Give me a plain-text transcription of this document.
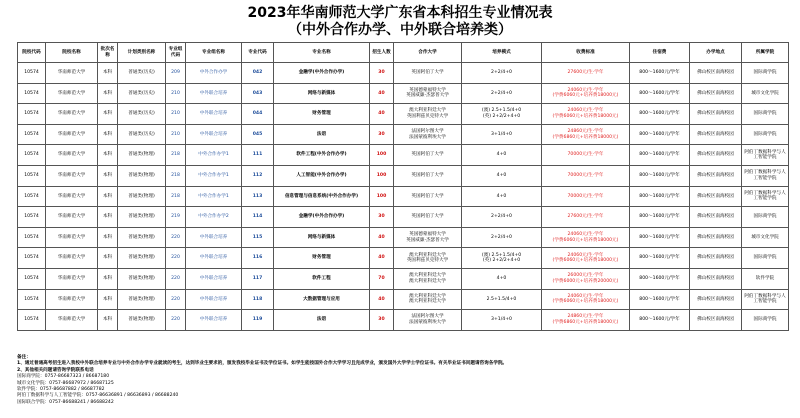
2023年华南师范大学广东省本科招生专业情况表
（中外合作办学、中外联合培养类）
院校代码	院校名称	批次名称	计划类别名称	专业组代码	专业组名称	专业代码	专业名称	招生人数	合作大学	培养模式	收费标准	住宿费	办学地点	所属学院
10574	华南师范大学	本科	普通类(历史)	209	中外合作办学	042	金融学(中外合作办学)	30	英国阿伯丁大学	2+2/4+0	27600元/生·学年	800～1600元/学年	佛山校区南海校园	国际商学院
10574	华南师范大学	本科	普通类(历史)	210	中外联合培养	043	网络与新媒体	40	英国德蒙福特大学
英国威廉·杰瑟普大学	2+2/4+0	24060元/生·学年
(学费6060元+培养费18000元)	800～1600元/学年	佛山校区南海校园	城市文化学院
10574	华南师范大学	本科	普通类(历史)	210	中外联合培养	044	财务管理	40	澳大利亚科廷大学
英国利兹贝克特大学	(澳) 2.5+1.5/4+0
(英) 2+2/2+4+0	24060元/生·学年
(学费6060元+培养费18000元)	800～1600元/学年	佛山校区南海校园	国际商学院
10574	华南师范大学	本科	普通类(历史)	210	中外联合培养	045	法语	30	法国阿尔图大学
法国蒙彼利埃大学	3+1/4+0	24860元/生·学年
(学费6860元+培养费18000元)	800～1600元/学年	佛山校区南海校园	国际商学院
10574	华南师范大学	本科	普通类(物理)	218	中外合作办学1	111	软件工程(中外合作办学)	100	英国阿伯丁大学	4+0	70000元/生·学年	800～1600元/学年	佛山校区南海校园	阿伯丁数据科学与人工智能学院
10574	华南师范大学	本科	普通类(物理)	218	中外合作办学1	112	人工智能(中外合作办学)	100	英国阿伯丁大学	4+0	70000元/生·学年	800～1600元/学年	佛山校区南海校园	阿伯丁数据科学与人工智能学院
10574	华南师范大学	本科	普通类(物理)	218	中外合作办学1	113	信息管理与信息系统(中外合作办学)	100	英国阿伯丁大学	4+0	70000元/生·学年	800～1600元/学年	佛山校区南海校园	阿伯丁数据科学与人工智能学院
10574	华南师范大学	本科	普通类(物理)	219	中外合作办学2	114	金融学(中外合作办学)	30	英国阿伯丁大学	2+2/4+0	27600元/生·学年	800～1600元/学年	佛山校区南海校园	国际商学院
10574	华南师范大学	本科	普通类(物理)	220	中外联合培养	115	网络与新媒体	40	英国德蒙福特大学
英国威廉·杰瑟普大学	2+2/4+0	24060元/生·学年
(学费6060元+培养费18000元)	800～1600元/学年	佛山校区南海校园	城市文化学院
10574	华南师范大学	本科	普通类(物理)	220	中外联合培养	116	财务管理	40	澳大利亚科廷大学
英国利兹贝克特大学	(澳) 2.5+1.5/4+0
(英) 2+2/2+4+0	24060元/生·学年
(学费6060元+培养费18000元)	800～1600元/学年	佛山校区南海校园	国际商学院
10574	华南师范大学	本科	普通类(物理)	220	中外联合培养	117	软件工程	70	澳大利亚科廷大学
澳大利亚科廷大学	4+0	26000元/生·学年
(学费6000元+培养费20000元)	800～1600元/学年	佛山校区南海校园	软件学院
10574	华南师范大学	本科	普通类(物理)	220	中外联合培养	118	大数据管理与应用	40	澳大利亚科廷大学
澳大利亚科廷大学	2.5+1.5/4+0	24060元/生·学年
(学费6060元+培养费18000元)	800～1600元/学年	佛山校区南海校园	阿伯丁数据科学与人工智能学院
10574	华南师范大学	本科	普通类(物理)	220	中外联合培养	119	法语	30	法国阿尔图大学
法国蒙彼利埃大学	3+1/4+0	24860元/生·学年
(学费6860元+培养费18000元)	800～1600元/学年	佛山校区南海校园	国际商学院
备注：
1、通过普通高考招生进入我校中外联合培养专业与中外合作办学专业就读的考生，达到毕业生要求的，颁发我校毕业证书及学位证书。如学生能按国外合作大学学习且完成学业，颁发国外大学学士学位证书。有关毕业证书问题请咨询各学院。
2、其他相关问题请咨询学院联系电话
国际商学院：0757-86687323 / 86687180
城市文化学院：0757-86687972 / 86687125
软件学院：0757-86687882 / 86687782
阿伯丁数据科学与人工智能学院：0757-86636891 / 86636893 / 86688240
国际联合学院：0757-86688241 / 86688242
